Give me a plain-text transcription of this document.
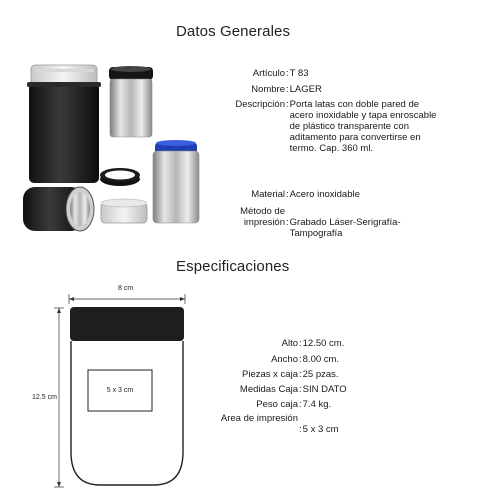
Datos Generales
Artículo : T 83
Nombre : LAGER
Descripción : Porta latas con doble pared de acero inoxidable y tapa enroscable de plástico transparente con aditamento para convertirse en termo. Cap. 360 ml.
Material : Acero inoxidable
Método de impresión : Grabado Láser-Serigrafía-Tampografía
Especificaciones
8 cm
12.5 cm
5 x 3 cm
Alto : 12.50 cm.
Ancho : 8.00 cm.
Piezas x caja : 25 pzas.
Medidas Caja : SIN DATO
Peso caja : 7.4 kg.
Area de impresión
: 5 x 3 cm
